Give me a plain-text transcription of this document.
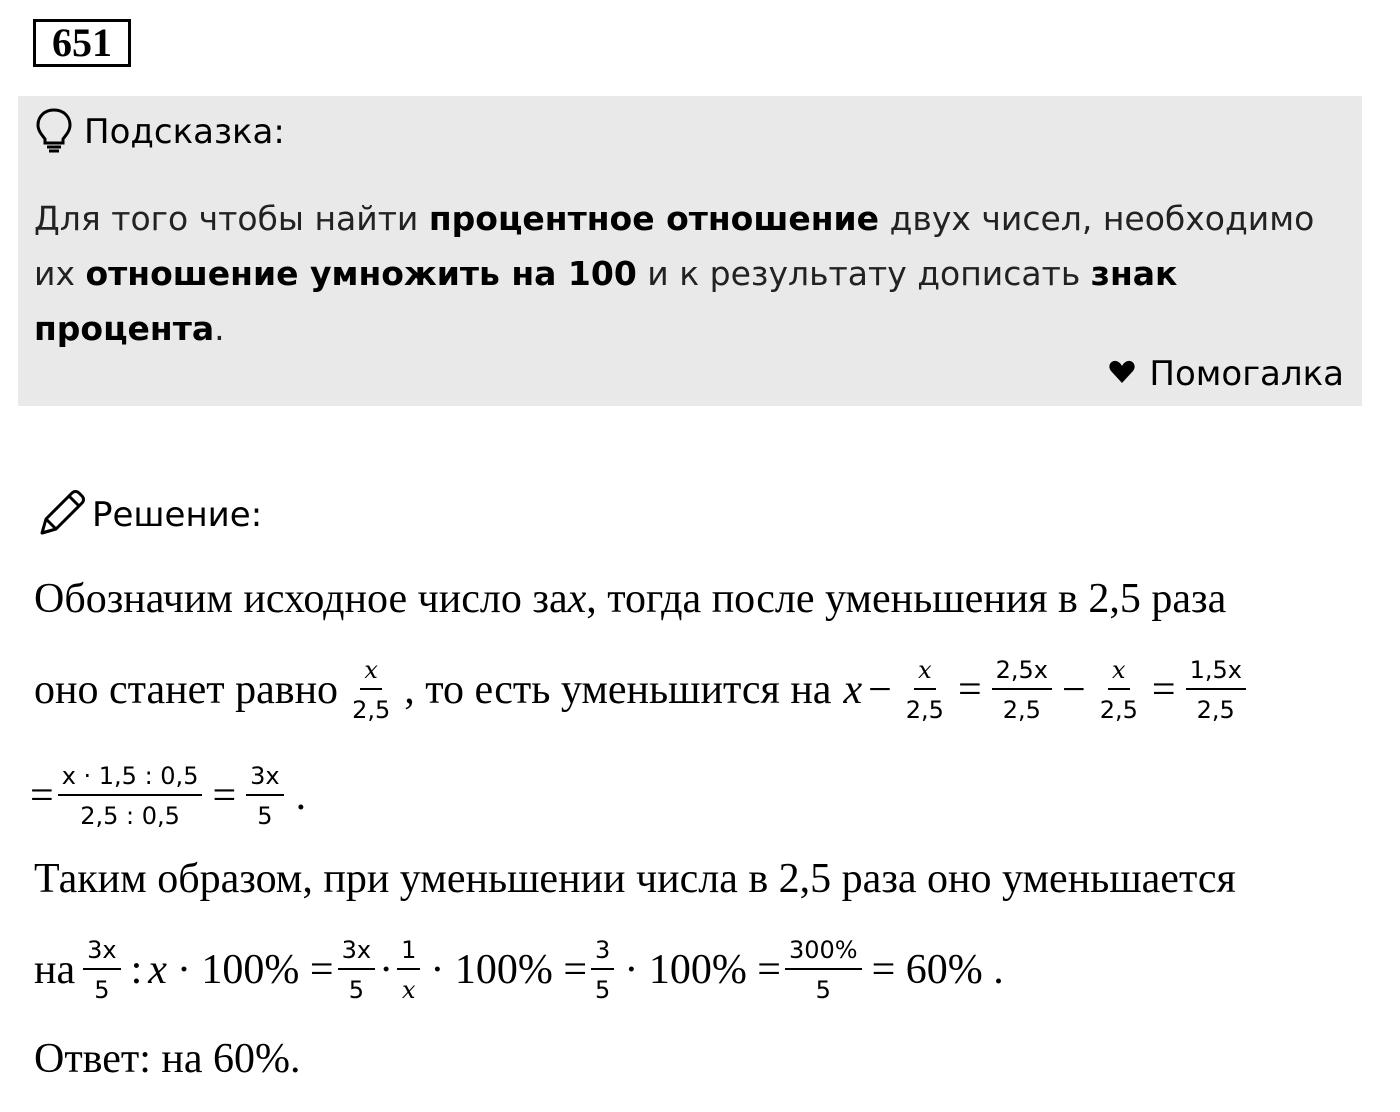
651
Подсказка:
Для того чтобы найти процентное отношение двух чисел, необходимо их отношение умножить на 100 и к результату дописать знак процента.
Помогалка
Решение:
Обозначим исходное число за x , тогда после уменьшения в 2,5 раза
оно станет равно $\frac{x}{2,5}$ , то есть уменьшится на $x - \frac{x}{2,5} = \frac{2,5x}{2,5} - \frac{x}{2,5} = \frac{1,5x}{2,5}$
= $\frac{x \cdot 1,5 : 0,5}{2,5 : 0,5} = \frac{3x}{5}$ .
Таким образом, при уменьшении числа в 2,5 раза оно уменьшается
на $\frac{3x}{5}$ : $x \cdot 100\% = \frac{3x}{5} \cdot \frac{1}{x} \cdot 100\% = \frac{3}{5} \cdot 100\% = \frac{300\%}{5} = 60\%$ .
Ответ: на 60%.
